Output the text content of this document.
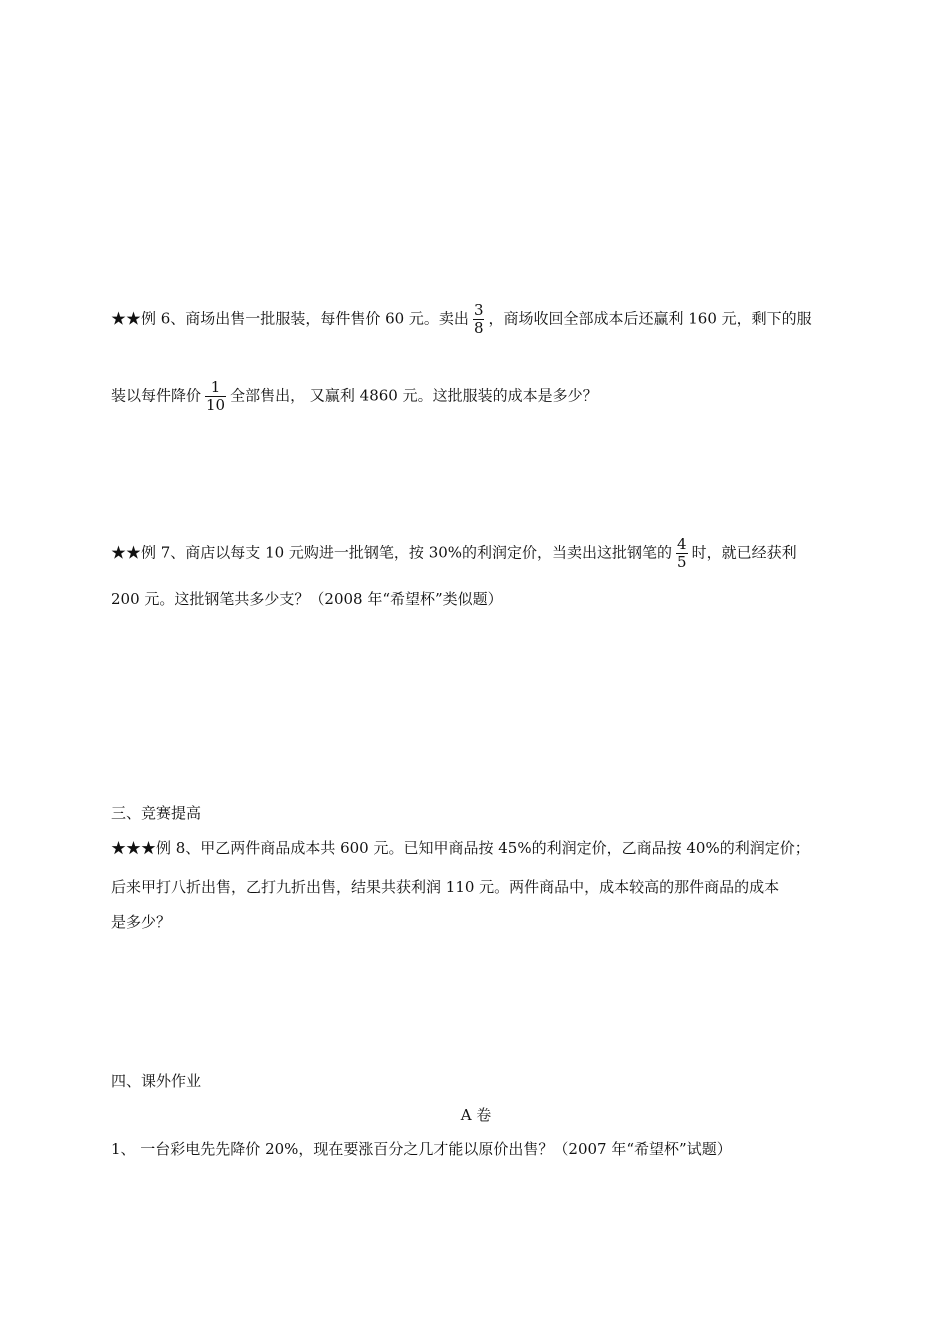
★★例 6、商场出售一批服装，每件售价 60 元。卖出 $\frac{3}{8}$ ，商场收回全部成本后还赢利 160 元，剩下的服
装以每件降价 $\frac{1}{10}$ 全部售出， 又赢利 4860 元。这批服装的成本是多少？
★★例 7、商店以每支 10 元购进一批钢笔，按 30%的利润定价，当卖出这批钢笔的 $\frac{4}{5}$ 时，就已经获利
200 元。这批钢笔共多少支？（2008 年“希望杯”类似题）
三、竞赛提高
★★★例 8、甲乙两件商品成本共 600 元。已知甲商品按 45%的利润定价，乙商品按 40%的利润定价；
后来甲打八折出售，乙打九折出售，结果共获利润 110 元。两件商品中，成本较高的那件商品的成本
是多少？
四、课外作业
A 卷
1、 一台彩电先先降价 20%，现在要涨百分之几才能以原价出售？（2007 年“希望杯”试题）
